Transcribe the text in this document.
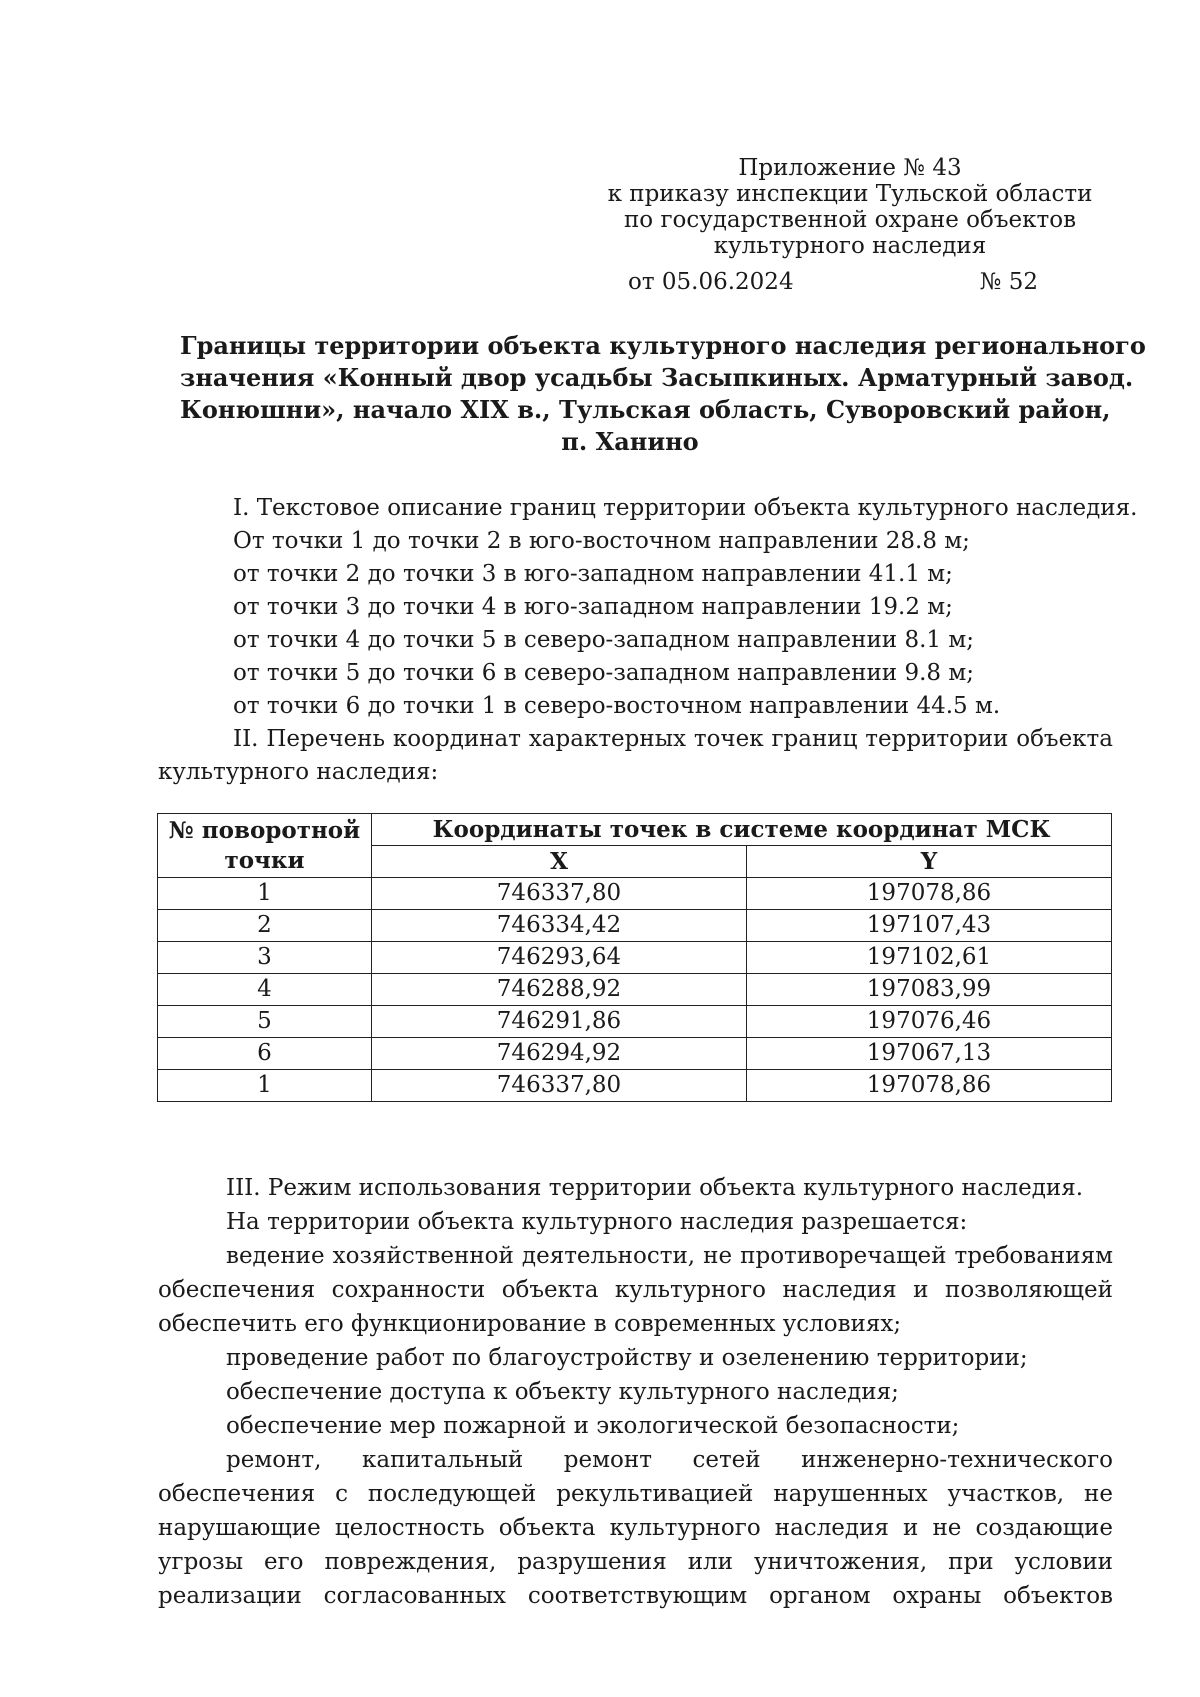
Приложение № 43
к приказу инспекции Тульской области
по государственной охране объектов
культурного наследия
от 05.06.2024	№ 52
Границы территории объекта культурного наследия регионального
значения «Конный двор усадьбы Засыпкиных. Арматурный завод.
Конюшни», начало XIX в., Тульская область, Суворовский район,
п. Ханино
I. Текстовое описание границ территории объекта культурного наследия.
От точки 1 до точки 2 в юго-восточном направлении 28.8 м;
от точки 2 до точки 3 в юго-западном направлении 41.1 м;
от точки 3 до точки 4 в юго-западном направлении 19.2 м;
от точки 4 до точки 5 в северо-западном направлении 8.1 м;
от точки 5 до точки 6 в северо-западном направлении 9.8 м;
от точки 6 до точки 1 в северо-восточном направлении 44.5 м.
II. Перечень координат характерных точек границ территории объекта
культурного наследия:
№ поворотной точки	Координаты точек в системе координат МСК	
	X	Y
1	746337,80	197078,86
2	746334,42	197107,43
3	746293,64	197102,61
4	746288,92	197083,99
5	746291,86	197076,46
6	746294,92	197067,13
1	746337,80	197078,86
III. Режим использования территории объекта культурного наследия.
На территории объекта культурного наследия разрешается:
ведение хозяйственной деятельности, не противоречащей требованиям обеспечения сохранности объекта культурного наследия и позволяющей обеспечить его функционирование в современных условиях;
проведение работ по благоустройству и озеленению территории;
обеспечение доступа к объекту культурного наследия;
обеспечение мер пожарной и экологической безопасности;
ремонт, капитальный ремонт сетей инженерно-технического обеспечения с последующей рекультивацией нарушенных участков, не нарушающие целостность объекта культурного наследия и не создающие угрозы его повреждения, разрушения или уничтожения, при условии реализации согласованных соответствующим органом охраны объектов
